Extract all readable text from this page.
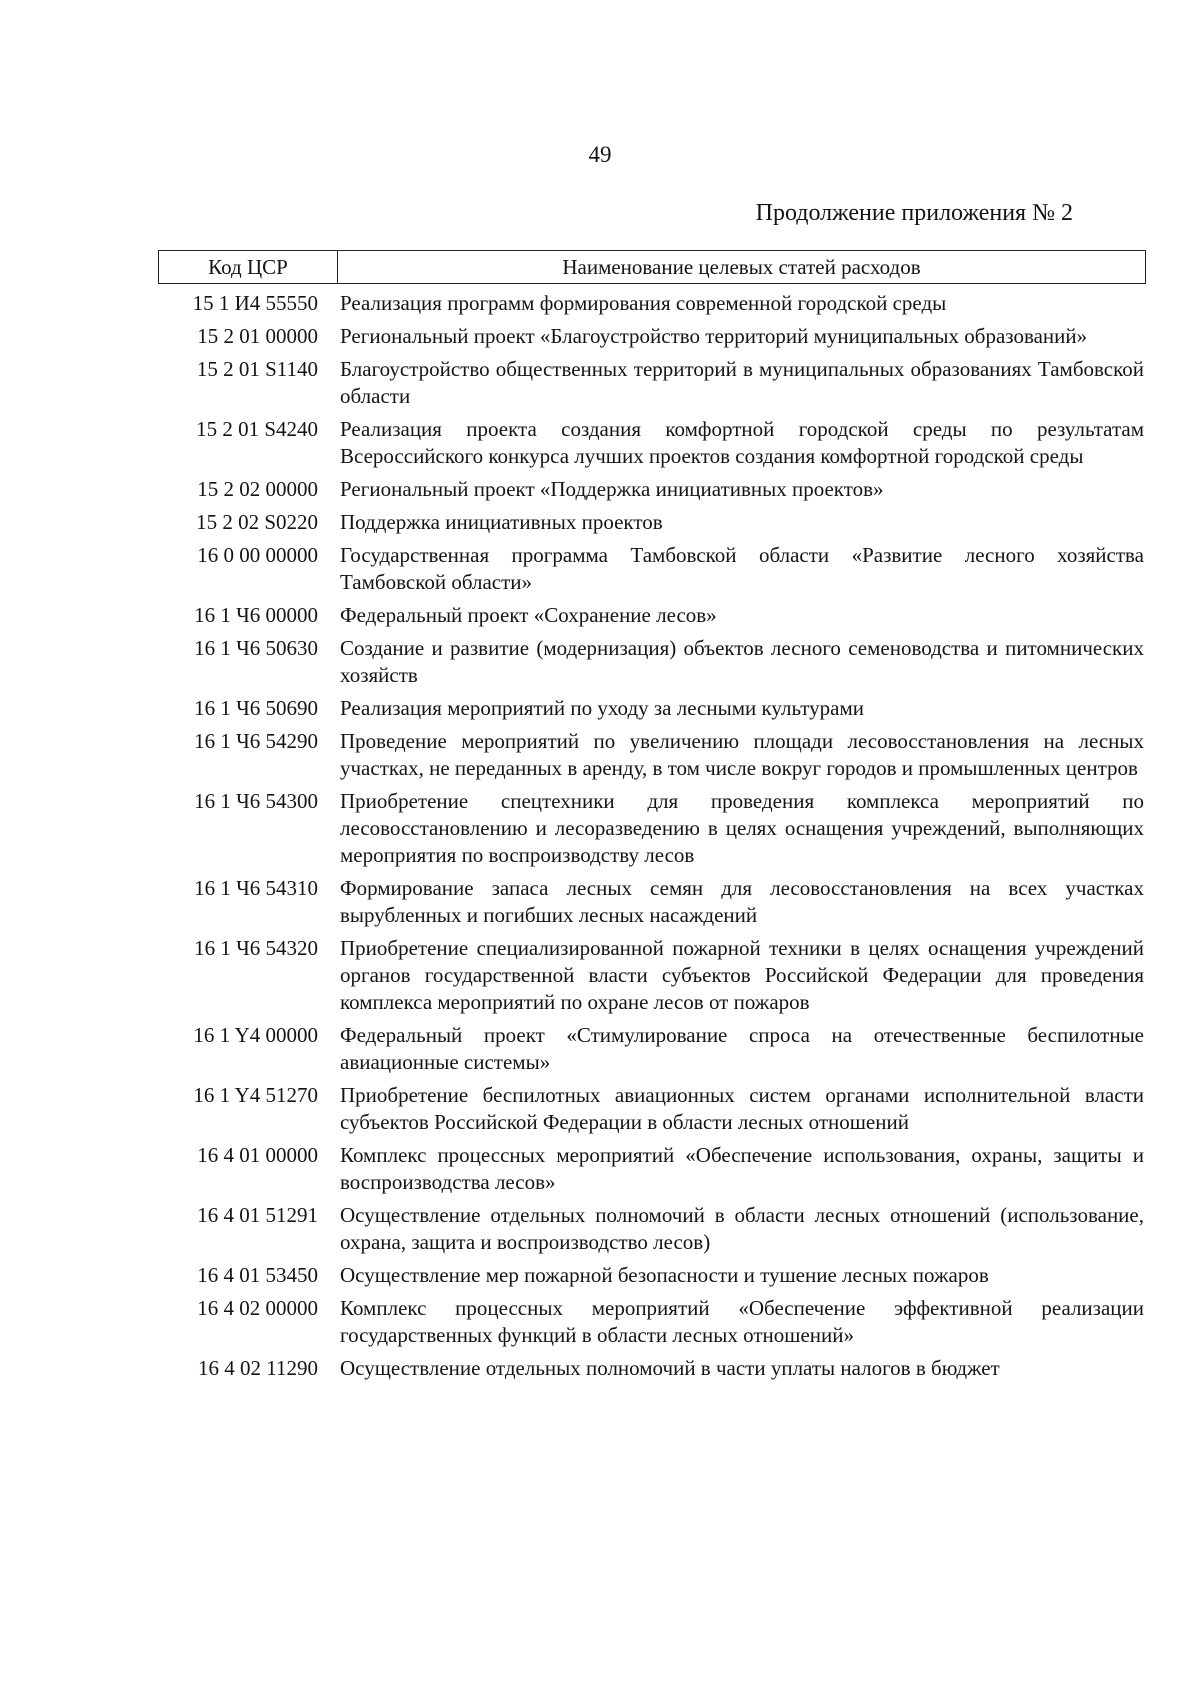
49
Продолжение приложения № 2
Код ЦСР	Наименование целевых статей расходов
15 1 И4 55550	Реализация программ формирования современной городской среды
15 2 01 00000	Региональный проект «Благоустройство территорий муниципальных образований»
15 2 01 S1140	Благоустройство общественных территорий в муниципальных образованиях Тамбовской области
15 2 01 S4240	Реализация проекта создания комфортной городской среды по результатам Всероссийского конкурса лучших проектов создания комфортной городской среды
15 2 02 00000	Региональный проект «Поддержка инициативных проектов»
15 2 02 S0220	Поддержка инициативных проектов
16 0 00 00000	Государственная программа Тамбовской области «Развитие лесного хозяйства Тамбовской области»
16 1 Ч6 00000	Федеральный проект «Сохранение лесов»
16 1 Ч6 50630	Создание и развитие (модернизация) объектов лесного семеноводства и питомнических хозяйств
16 1 Ч6 50690	Реализация мероприятий по уходу за лесными культурами
16 1 Ч6 54290	Проведение мероприятий по увеличению площади лесовосстановления на лесных участках, не переданных в аренду, в том числе вокруг городов и промышленных центров
16 1 Ч6 54300	Приобретение спецтехники для проведения комплекса мероприятий по лесовосстановлению и лесоразведению в целях оснащения учреждений, выполняющих мероприятия по воспроизводству лесов
16 1 Ч6 54310	Формирование запаса лесных семян для лесовосстановления на всех участках вырубленных и погибших лесных насаждений
16 1 Ч6 54320	Приобретение специализированной пожарной техники в целях оснащения учреждений органов государственной власти субъектов Российской Федерации для проведения комплекса мероприятий по охране лесов от пожаров
16 1 Y4 00000	Федеральный проект «Стимулирование спроса на отечественные беспилотные авиационные системы»
16 1 Y4 51270	Приобретение беспилотных авиационных систем органами исполнительной власти субъектов Российской Федерации в области лесных отношений
16 4 01 00000	Комплекс процессных мероприятий «Обеспечение использования, охраны, защиты и воспроизводства лесов»
16 4 01 51291	Осуществление отдельных полномочий в области лесных отношений (использование, охрана, защита и воспроизводство лесов)
16 4 01 53450	Осуществление мер пожарной безопасности и тушение лесных пожаров
16 4 02 00000	Комплекс процессных мероприятий «Обеспечение эффективной реализации государственных функций в области лесных отношений»
16 4 02 11290	Осуществление отдельных полномочий в части уплаты налогов в бюджет
